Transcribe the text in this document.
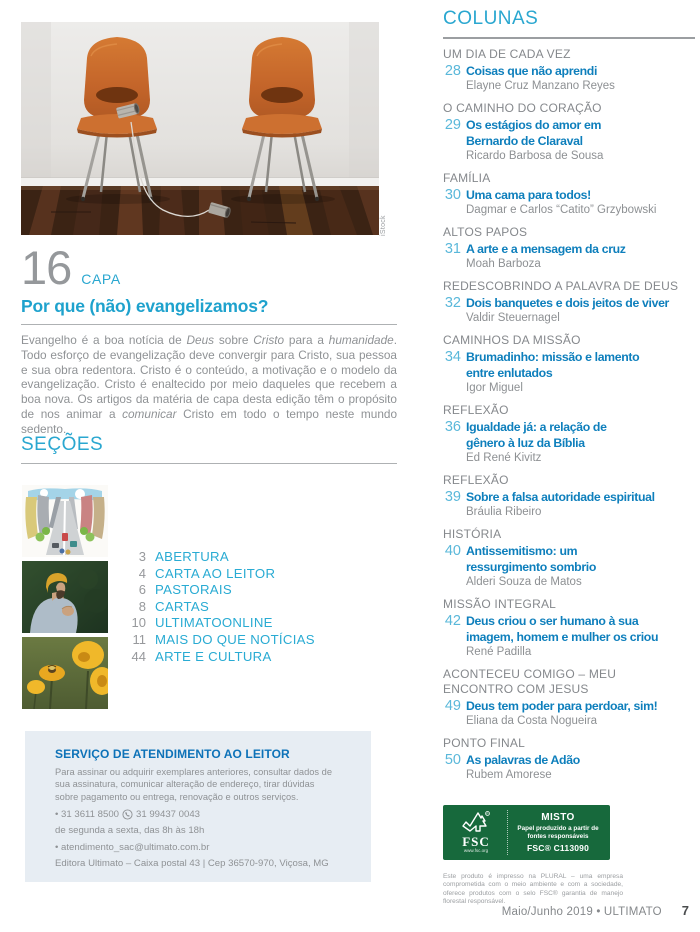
iStock
16 CAPA
Por que (não) evangelizamos?

Evangelho é a boa notícia de Deus sobre Cristo para a humanidade. Todo esforço de evangelização deve convergir para Cristo, sua pessoa e sua obra redentora. Cristo é o conteúdo, a motivação e o modelo da evangelização. Cristo é enaltecido por meio daqueles que recebem a boa nova. Os artigos da matéria de capa desta edição têm o propósito de nos animar a comunicar Cristo em todo o tempo neste mundo sedento.

SEÇÕES
3 ABERTURA
4 CARTA AO LEITOR
6 PASTORAIS
8 CARTAS
10 ULTIMATOONLINE
11 MAIS DO QUE NOTÍCIAS
44 ARTE E CULTURA
SERVIÇO DE ATENDIMENTO AO LEITOR

Para assinar ou adquirir exemplares anteriores, consultar dados de sua assinatura, comunicar alteração de endereço, tirar dúvidas sobre pagamento ou entrega, renovação e outros serviços.

• 31 3611 8500 31 99437 0043
de segunda a sexta, das 8h às 18h
• atendimento_sac@ultimato.com.br
Editora Ultimato – Caixa postal 43 | Cep 36570-970, Viçosa, MG
COLUNAS
UM DIA DE CADA VEZ
28 Coisas que não aprendi
Elayne Cruz Manzano Reyes
O CAMINHO DO CORAÇÃO
29 Os estágios do amor em
Bernardo de Claraval
Ricardo Barbosa de Sousa
FAMÍLIA
30 Uma cama para todos!
Dagmar e Carlos “Catito” Grzybowski
ALTOS PAPOS
31 A arte e a mensagem da cruz
Moah Barboza
REDESCOBRINDO A PALAVRA DE DEUS
32 Dois banquetes e dois jeitos de viver
Valdir Steuernagel
CAMINHOS DA MISSÃO
34 Brumadinho: missão e lamento
entre enlutados
Igor Miguel
REFLEXÃO
36 Igualdade já: a relação de
gênero à luz da Bíblia
Ed René Kivitz
REFLEXÃO
39 Sobre a falsa autoridade espiritual
Bráulia Ribeiro
HISTÓRIA
40 Antissemitismo: um
ressurgimento sombrio
Alderi Souza de Matos
MISSÃO INTEGRAL
42 Deus criou o ser humano à sua
imagem, homem e mulher os criou
René Padilla
ACONTECEU COMIGO – MEU
ENCONTRO COM JESUS
49 Deus tem poder para perdoar, sim!
Eliana da Costa Nogueira
PONTO FINAL
50 As palavras de Adão
Rubem Amorese
R
FSC
www.fsc.org
MISTO
Papel produzido a partir de fontes responsáveis
FSC® C113090

Este produto é impresso na PLURAL – uma empresa comprometida com o meio ambiente e com a sociedade, oferece produtos com o selo FSC® garantia de manejo florestal responsável.

Maio/Junho 2019 • ULTIMATO 7
